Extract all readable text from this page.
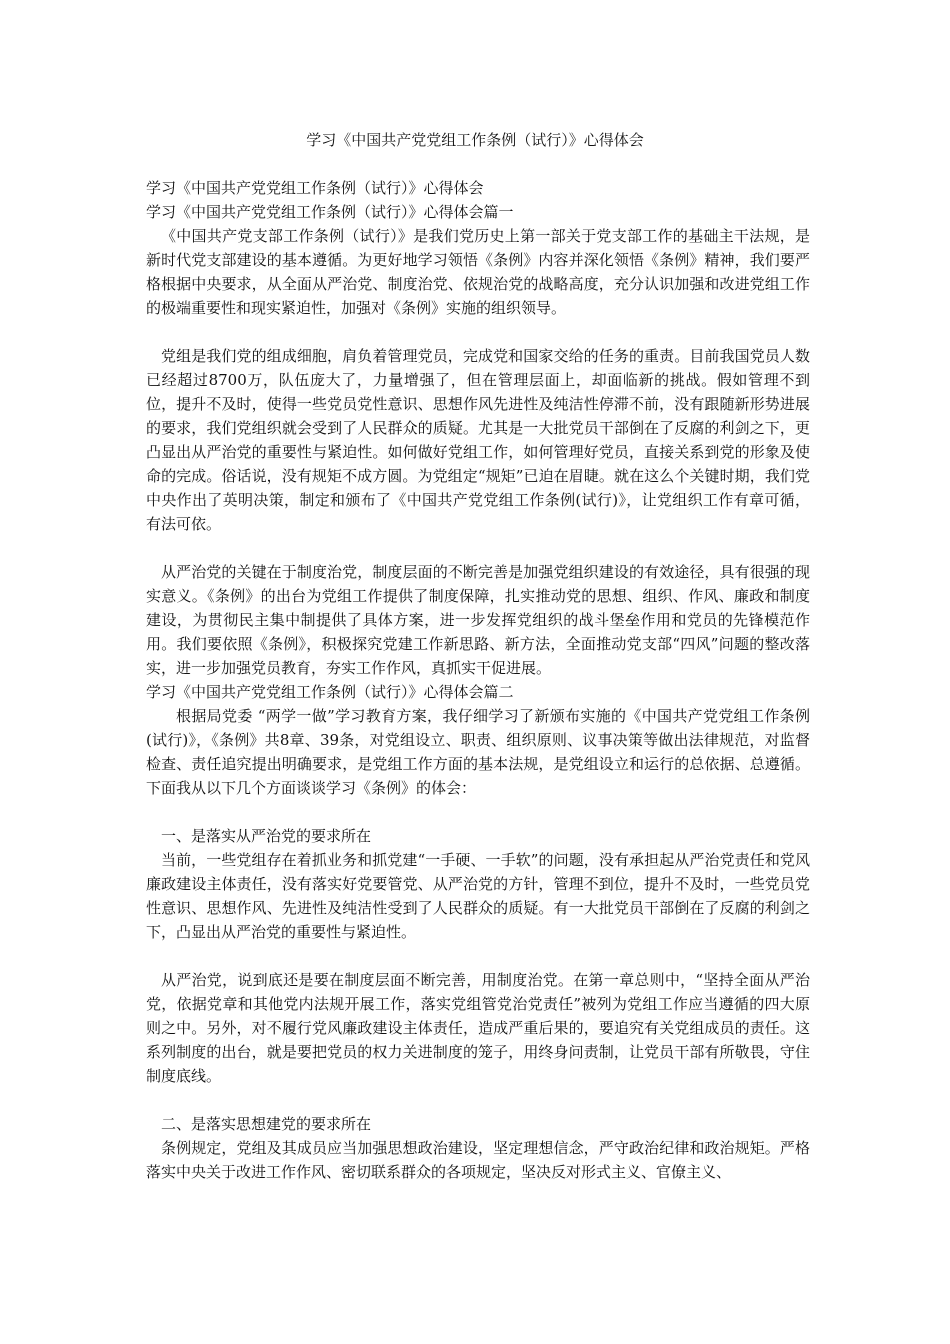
学习《中国共产党党组工作条例（试行）》心得体会

学习《中国共产党党组工作条例（试行）》心得体会

学习《中国共产党党组工作条例（试行）》心得体会篇一

《中国共产党支部工作条例（试行）》是我们党历史上第一部关于党支部工作的基础主干法规，是新时代党支部建设的基本遵循。为更好地学习领悟《条例》内容并深化领悟《条例》精神，我们要严格根据中央要求，从全面从严治党、制度治党、依规治党的战略高度，充分认识加强和改进党组工作的极端重要性和现实紧迫性，加强对《条例》实施的组织领导。

党组是我们党的组成细胞，肩负着管理党员，完成党和国家交给的任务的重责。目前我国党员人数已经超过8700万，队伍庞大了，力量增强了，但在管理层面上，却面临新的挑战。假如管理不到位，提升不及时，使得一些党员党性意识、思想作风先进性及纯洁性停滞不前，没有跟随新形势进展的要求，我们党组织就会受到了人民群众的质疑。尤其是一大批党员干部倒在了反腐的利剑之下，更凸显出从严治党的重要性与紧迫性。如何做好党组工作，如何管理好党员，直接关系到党的形象及使命的完成。俗话说，没有规矩不成方圆。为党组定“规矩”已迫在眉睫。就在这么个关键时期，我们党中央作出了英明决策，制定和颁布了《中国共产党党组工作条例(试行)》，让党组织工作有章可循，有法可依。

从严治党的关键在于制度治党，制度层面的不断完善是加强党组织建设的有效途径，具有很强的现实意义。《条例》的出台为党组工作提供了制度保障，扎实推动党的思想、组织、作风、廉政和制度建设，为贯彻民主集中制提供了具体方案，进一步发挥党组织的战斗堡垒作用和党员的先锋模范作用。我们要依照《条例》，积极探究党建工作新思路、新方法，全面推动党支部“四风”问题的整改落实，进一步加强党员教育，夯实工作作风，真抓实干促进展。

学习《中国共产党党组工作条例（试行）》心得体会篇二

根据局党委 “两学一做”学习教育方案，我仔细学习了新颁布实施的《中国共产党党组工作条例(试行)》，《条例》共8章、39条，对党组设立、职责、组织原则、议事决策等做出法律规范，对监督检查、责任追究提出明确要求，是党组工作方面的基本法规，是党组设立和运行的总依据、总遵循。下面我从以下几个方面谈谈学习《条例》的体会：

一、是落实从严治党的要求所在

当前，一些党组存在着抓业务和抓党建“一手硬、一手软”的问题，没有承担起从严治党责任和党风廉政建设主体责任，没有落实好党要管党、从严治党的方针，管理不到位，提升不及时，一些党员党性意识、思想作风、先进性及纯洁性受到了人民群众的质疑。有一大批党员干部倒在了反腐的利剑之下，凸显出从严治党的重要性与紧迫性。

从严治党，说到底还是要在制度层面不断完善，用制度治党。在第一章总则中，“坚持全面从严治党，依据党章和其他党内法规开展工作，落实党组管党治党责任”被列为党组工作应当遵循的四大原则之中。另外，对不履行党风廉政建设主体责任，造成严重后果的，要追究有关党组成员的责任。这系列制度的出台，就是要把党员的权力关进制度的笼子，用终身问责制，让党员干部有所敬畏，守住制度底线。

二、是落实思想建党的要求所在

条例规定，党组及其成员应当加强思想政治建设，坚定理想信念，严守政治纪律和政治规矩。严格落实中央关于改进工作作风、密切联系群众的各项规定，坚决反对形式主义、官僚主义、
